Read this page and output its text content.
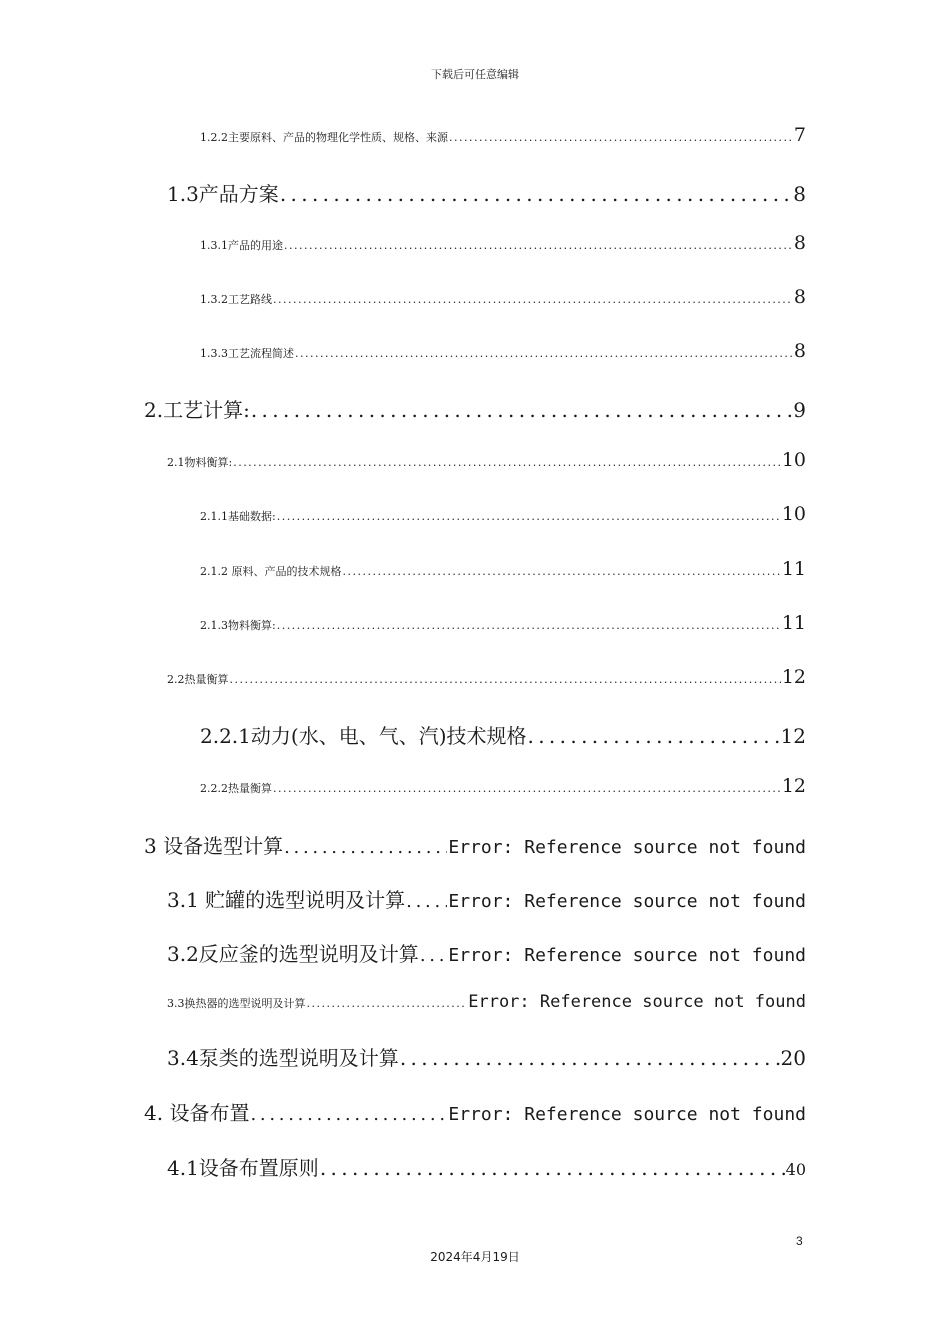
下载后可任意编辑
1.2.2主要原料、产品的物理化学性质、规格、来源 . . .	7
1.3产品方案 . . .	8
1.3.1产品的用途 . . .	8
1.3.2工艺路线 . . .	8
1.3.3工艺流程简述 . . .	8
2.工艺计算: . . .	9
2.1物料衡算: . . .	10
2.1.1基础数据: . . .	10
2.1.2 原料、产品的技术规格 . . .	11
2.1.3物料衡算: . . .	11
2.2热量衡算 . . .	12
2.2.1动力(水、电、气、汽)技术规格 . . .	12
2.2.2热量衡算 . . .	12
3 设备选型计算 . . .	Error: Reference source not found
3.1 贮罐的选型说明及计算 . . . Error: Reference source not found
3.2反应釜的选型说明及计算 . . . Error: Reference source not found
3.3换热器的选型说明及计算 . . .	Error: Reference source not found
3.4泵类的选型说明及计算 . . .	20
4. 设备布置 . . .	Error: Reference source not found
4.1设备布置原则 . . .	40
3
2024年4月19日
